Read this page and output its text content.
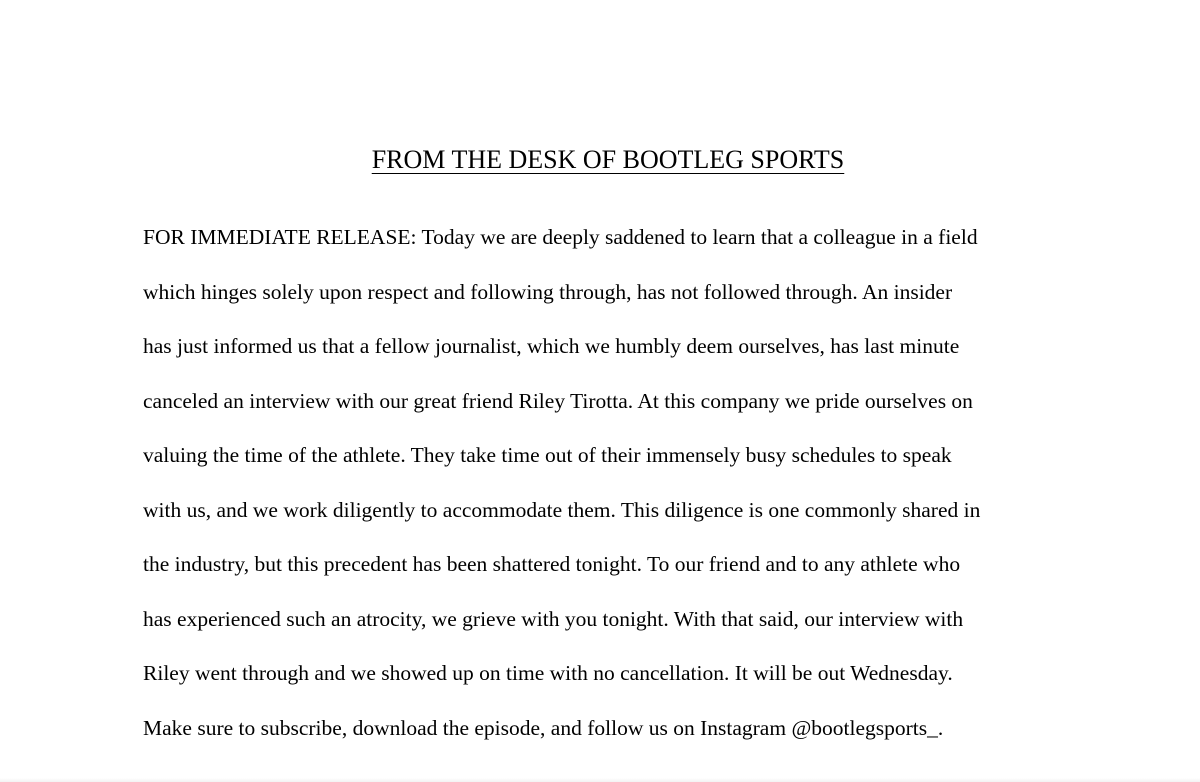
FROM THE DESK OF BOOTLEG SPORTS
FOR IMMEDIATE RELEASE: Today we are deeply saddened to learn that a colleague in a field
which hinges solely upon respect and following through, has not followed through. An insider
has just informed us that a fellow journalist, which we humbly deem ourselves, has last minute
canceled an interview with our great friend Riley Tirotta. At this company we pride ourselves on
valuing the time of the athlete. They take time out of their immensely busy schedules to speak
with us, and we work diligently to accommodate them. This diligence is one commonly shared in
the industry, but this precedent has been shattered tonight. To our friend and to any athlete who
has experienced such an atrocity, we grieve with you tonight. With that said, our interview with
Riley went through and we showed up on time with no cancellation. It will be out Wednesday.
Make sure to subscribe, download the episode, and follow us on Instagram @bootlegsports_.
